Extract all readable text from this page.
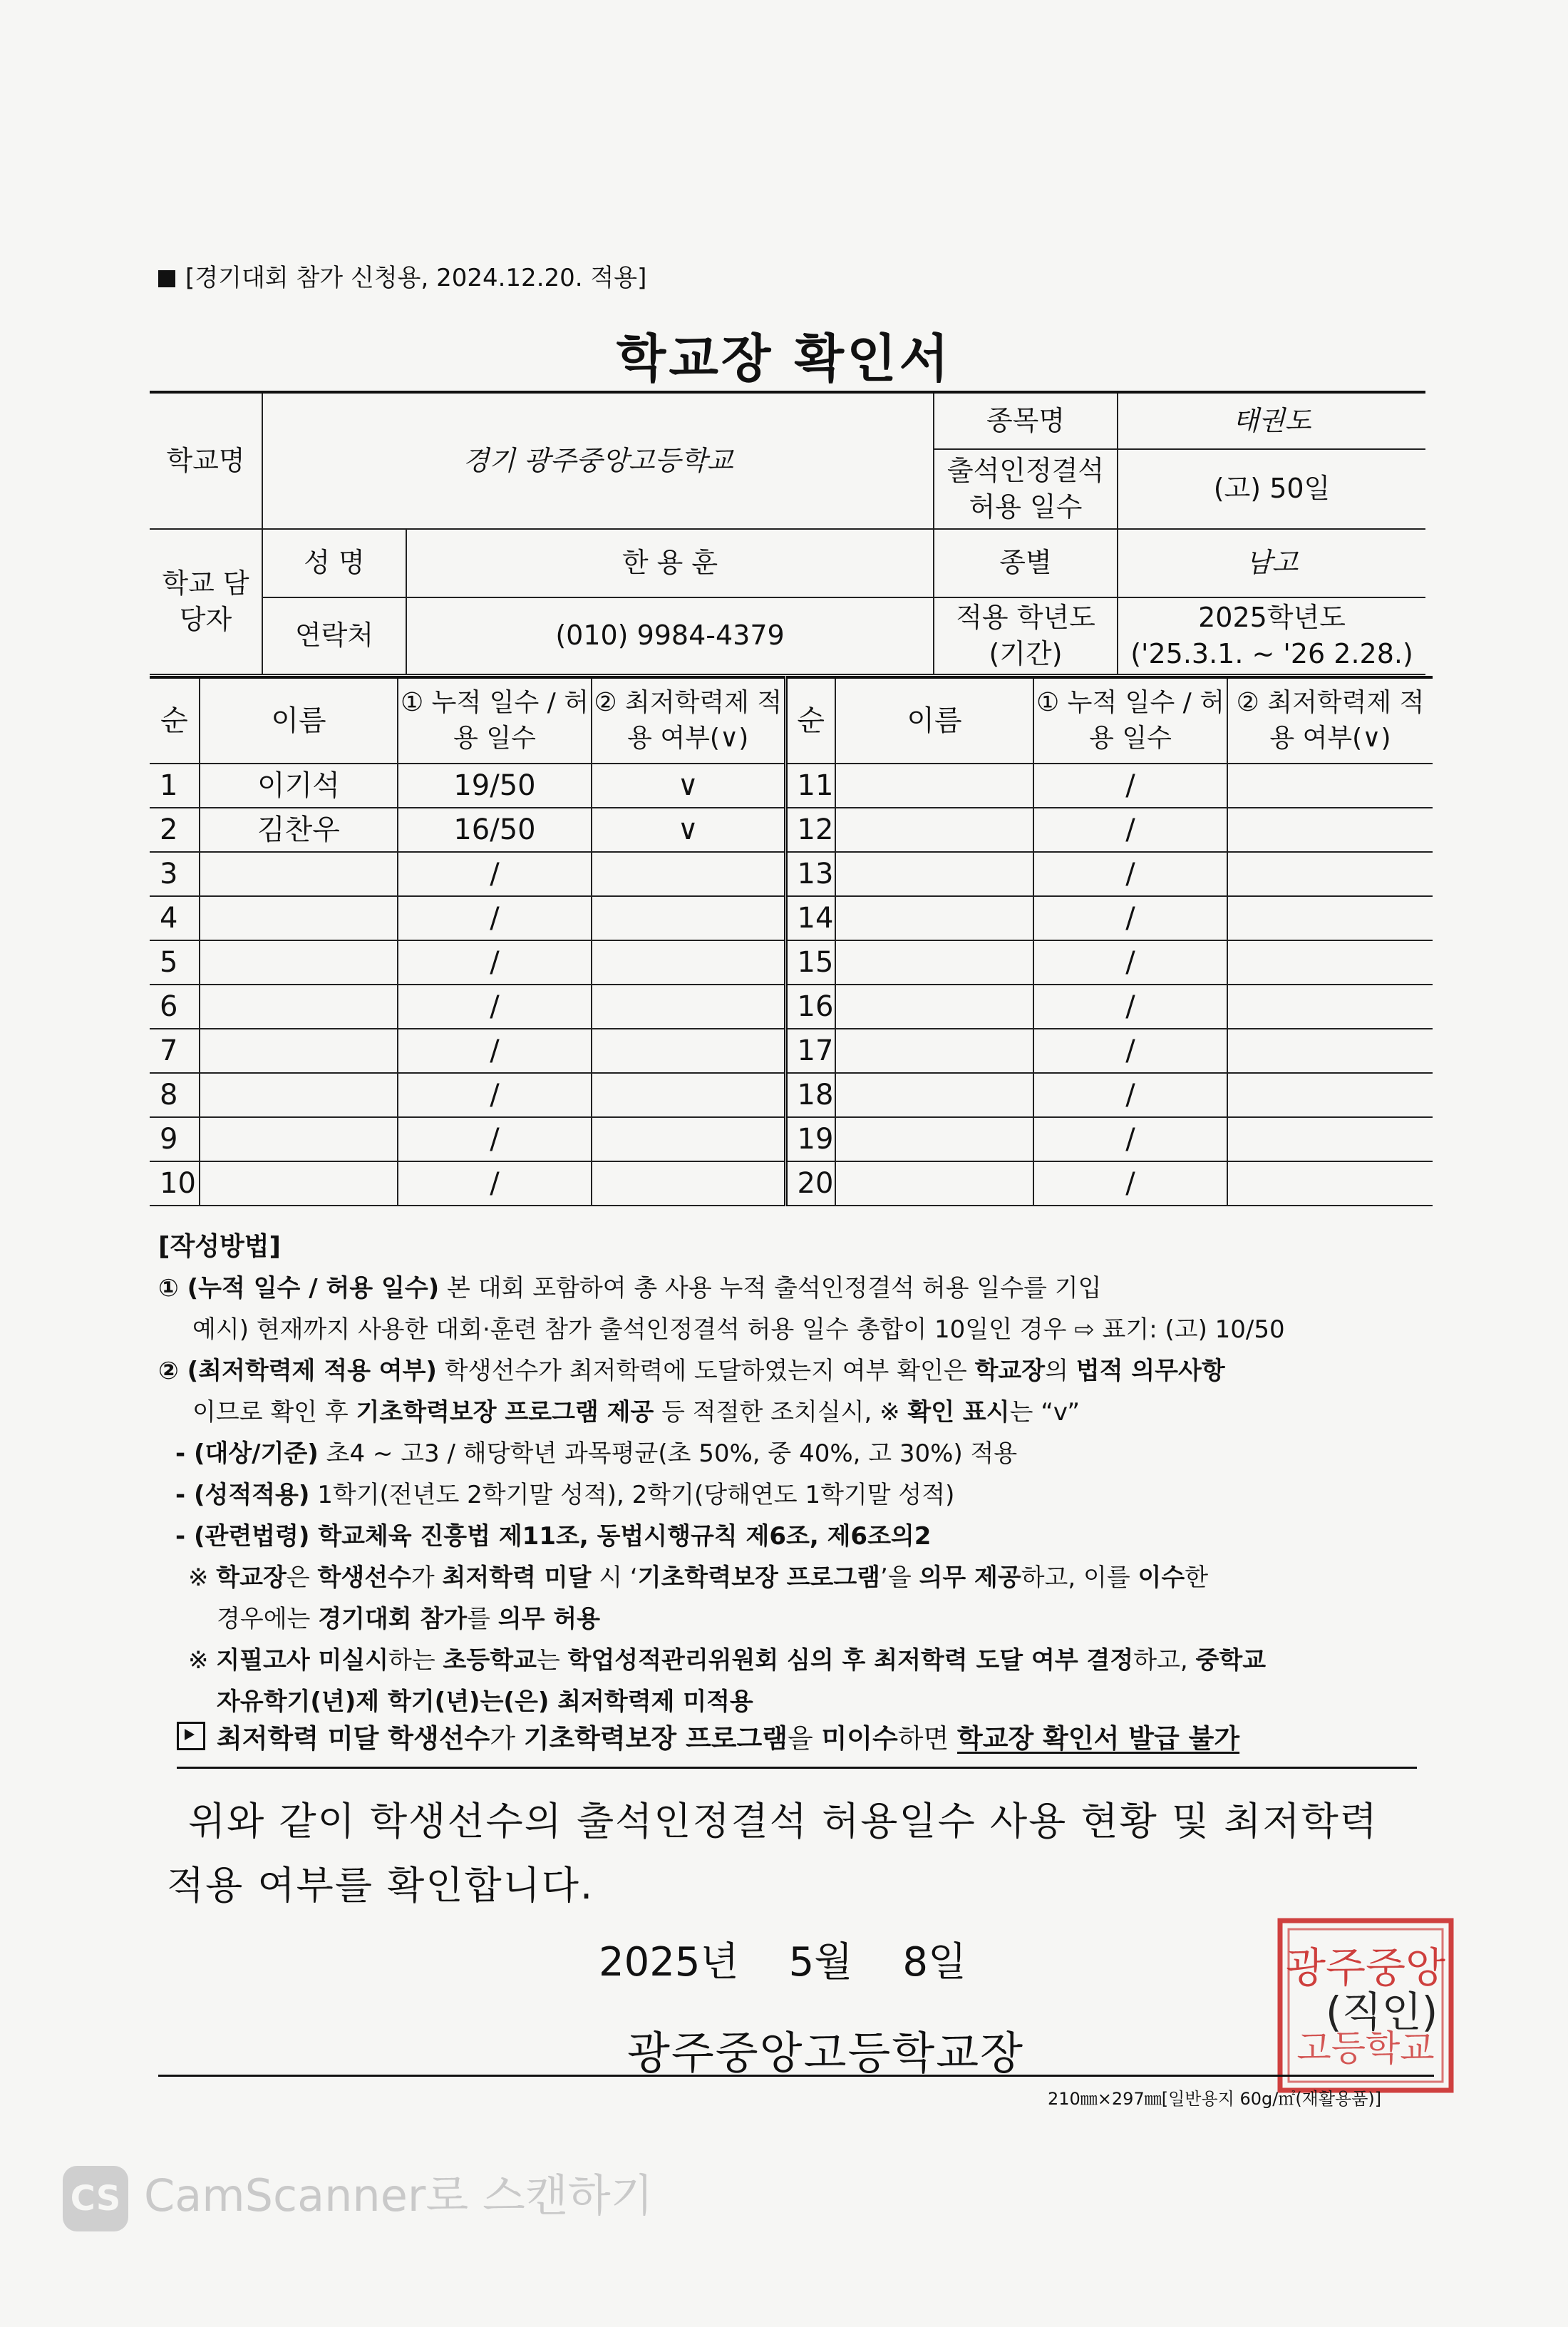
[경기대회 참가 신청용, 2024.12.20. 적용]
학교장 확인서
학교명	경기 광주중앙고등학교		종목명	태권도
			출석인정결석 허용 일수	(고) 50일
학교 담당자	성 명	한 용 훈	종별	남고
	연락처	(010) 9984-4379	적용 학년도 (기간)	2025학년도
('25.3.1. ~ '26 2.28.)
순	이름	① 누적 일수 / 허용 일수	② 최저학력제 적용 여부(∨)	순	이름	① 누적 일수 / 허용 일수	② 최저학력제 적용 여부(∨)
1	이기석	19/50	∨	11		/	
2	김찬우	16/50	∨	12		/	
3		/		13		/	
4		/		14		/	
5		/		15		/	
6		/		16		/	
7		/		17		/	
8		/		18		/	
9		/		19		/	
10		/		20		/	
[작성방법]
① (누적 일수 / 허용 일수) 본 대회 포함하여 총 사용 누적 출석인정결석 허용 일수를 기입
예시) 현재까지 사용한 대회·훈련 참가 출석인정결석 허용 일수 총합이 10일인 경우 ⇨ 표기: (고) 10/50
② (최저학력제 적용 여부) 학생선수가 최저학력에 도달하였는지 여부 확인은 학교장의 법적 의무사항
이므로 확인 후 기초학력보장 프로그램 제공 등 적절한 조치실시, ※ 확인 표시는 “v”
- (대상/기준) 초4 ~ 고3 / 해당학년 과목평균(초 50%, 중 40%, 고 30%) 적용
- (성적적용) 1학기(전년도 2학기말 성적), 2학기(당해연도 1학기말 성적)
- (관련법령) 학교체육 진흥법 제11조, 동법시행규칙 제6조, 제6조의2
※ 학교장은 학생선수가 최저학력 미달 시 ‘기초학력보장 프로그램’을 의무 제공하고, 이를 이수한
경우에는 경기대회 참가를 의무 허용
※ 지필고사 미실시하는 초등학교는 학업성적관리위원회 심의 후 최저학력 도달 여부 결정하고, 중학교
자유학기(년)제 학기(년)는(은) 최저학력제 미적용
최저학력 미달 학생선수가 기초학력보장 프로그램을 미이수하면 학교장 확인서 발급 불가
위와 같이 학생선수의 출석인정결석 허용일수 사용 현황 및 최저학력
적용 여부를 확인합니다.
2025년 5월 8일
광주중앙고등학교장
광주중앙
고등학교
(직인)
210㎜×297㎜[일반용지 60g/㎡(재활용품)]
CS CamScanner로 스캔하기
